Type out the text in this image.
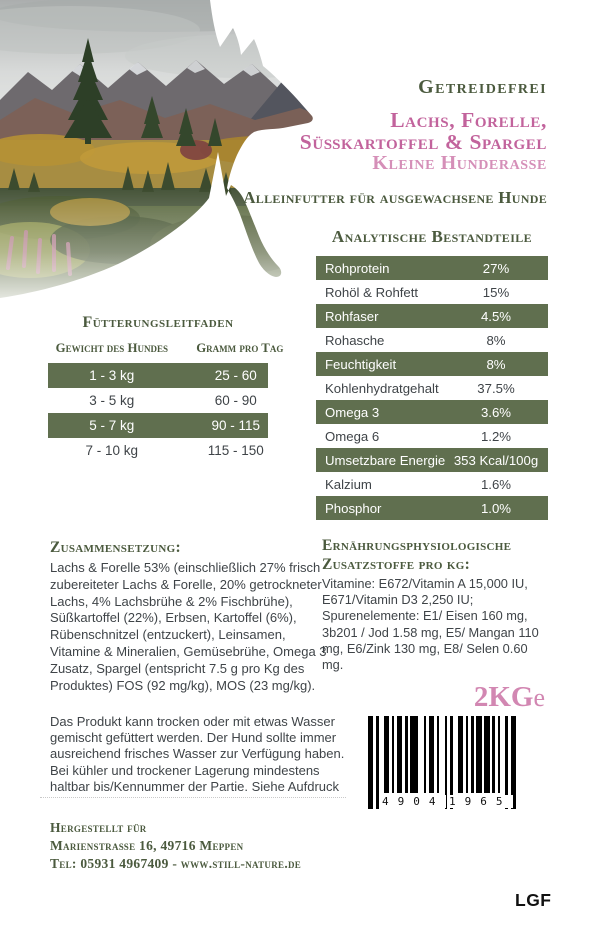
Getreidefrei
Lachs, Forelle,
Süßkartoffel & Spargel
Kleine Hunderasse
Alleinfutter für ausgewachsene Hunde
Analytische Bestandteile
Rohprotein	27%
Rohöl & Rohfett	15%
Rohfaser	4.5%
Rohasche	8%
Feuchtigkeit	8%
Kohlenhydratgehalt	37.5%
Omega 3	3.6%
Omega 6	1.2%
Umsetzbare Energie 353 Kcal/100g
Kalzium	1.6%
Phosphor	1.0%
Fütterungsleitfaden
Gewicht des Hundes	Gramm pro Tag
1 - 3 kg	25 - 60
3 - 5 kg	60 - 90
5 - 7 kg	90 - 115
7 - 10 kg	115 - 150
Zusammensetzung:
Lachs & Forelle 53% (einschließlich 27% frisch zubereiteter Lachs & Forelle, 20% getrockneter Lachs, 4% Lachsbrühe & 2% Fischbrühe), Süßkartoffel (22%), Erbsen, Kartoffel (6%), Rübenschnitzel (entzuckert), Leinsamen, Vitamine & Mineralien, Gemüsebrühe, Omega 3 Zusatz, Spargel (entspricht 7.5 g pro Kg des Produktes) FOS (92 mg/kg), MOS (23 mg/kg).
Ernährungsphysiologische Zusatzstoffe pro kg:
Vitamine: E672/Vitamin A 15,000 IU, E671/Vitamin D3 2,250 IU; Spurenelemente: E1/ Eisen 160 mg, 3b201 / Jod 1.58 mg, E5/ Mangan 110 mg, E6/Zink 130 mg, E8/ Selen 0.60 mg.
Das Produkt kann trocken oder mit etwas Wasser gemischt gefüttert werden. Der Hund sollte immer ausreichend frisches Wasser zur Verfügung haben. Bei kühler und trockener Lagerung mindestens haltbar bis/Kennummer der Partie. Siehe Aufdruck
2KGe
4904 1965
Hergestellt für
Marienstraße 16, 49716 Meppen
Tel: 05931 4967409 - www.still-nature.de
LGF
